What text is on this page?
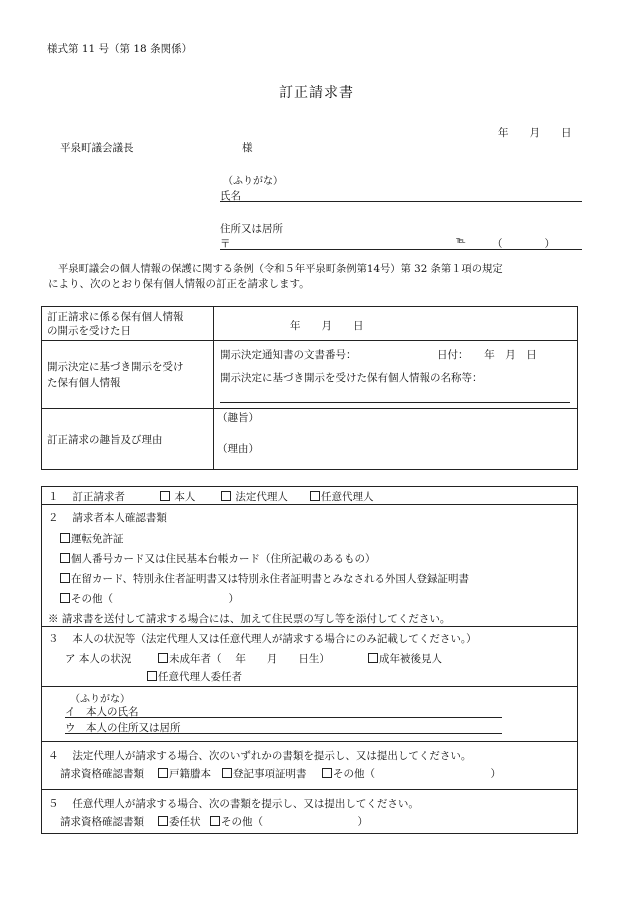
様式第 11 号（第 18 条関係）
訂正請求書
年　　月　　日
平泉町議会議長	様
（ふりがな）
氏名
住所又は居所
〒	℡	（　　　　）
平泉町議会の個人情報の保護に関する条例（令和５年平泉町条例第14号）第 32 条第１項の規定
により、次のとおり保有個人情報の訂正を請求します。
訂正請求に係る保有個人情報
の開示を受けた日	年　　月　　日
開示決定に基づき開示を受け
た保有個人情報
開示決定通知書の文書番号：	日付：　　年　月　日
開示決定に基づき開示を受けた保有個人情報の名称等：
訂正請求の趣旨及び理由
（趣旨）
（理由）
１　 訂正請求者	本人	法定代理人	任意代理人
２　 請求者本人確認書類
運転免許証
個人番号カード又は住民基本台帳カード（住所記載のあるもの）
在留カード、特別永住者証明書又は特別永住者証明書とみなされる外国人登録証明書
その他（　　　　　　　　　　　）
※ 請求書を送付して請求する場合には、加えて住民票の写し等を添付してください。
３　 本人の状況等（法定代理人又は任意代理人が請求する場合にのみ記載してください。）
ア 本人の状況	未成年者（　 年　　月　　日生）	成年被後見人
任意代理人委任者
（ふりがな）
イ　本人の氏名
ウ　本人の住所又は居所
４　 法定代理人が請求する場合、次のいずれかの書類を提示し、又は提出してください。
請求資格確認書類	戸籍謄本	登記事項証明書	その他（　　　　　　　　　　　）
５　 任意代理人が請求する場合、次の書類を提示し、又は提出してください。
請求資格確認書類	委任状	その他（　　　　　　　　　）
